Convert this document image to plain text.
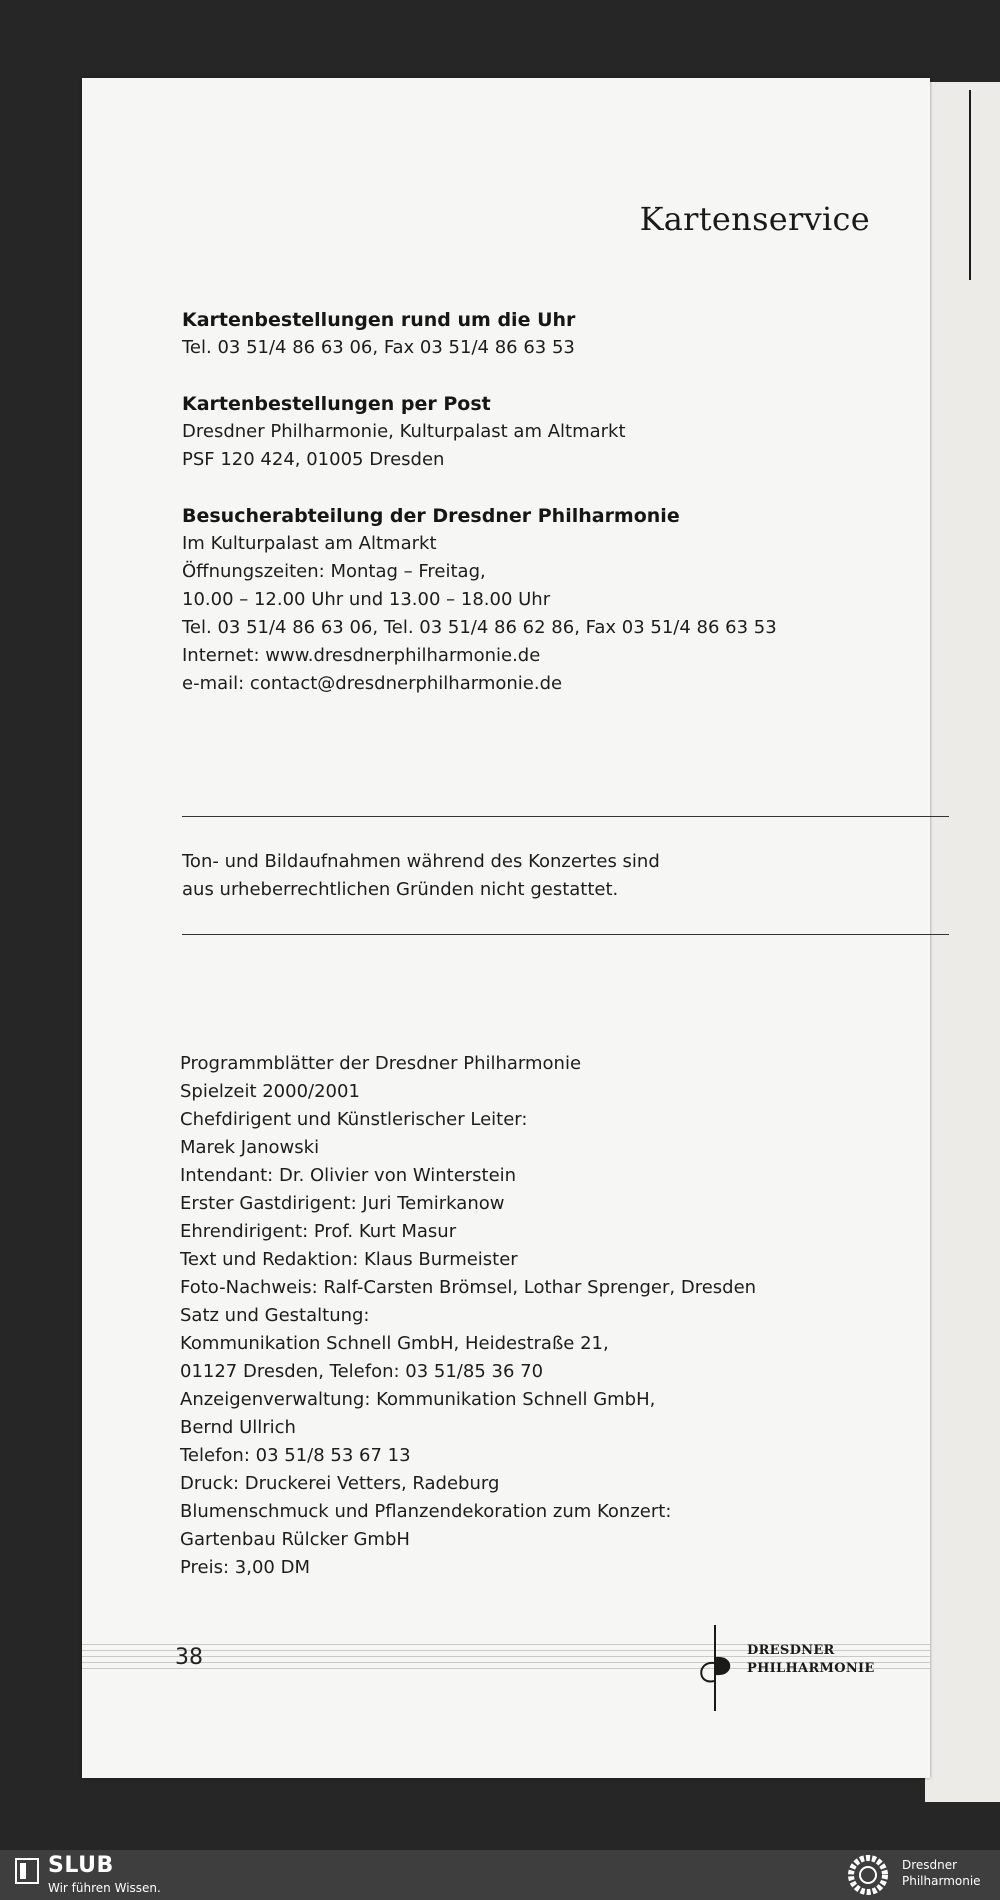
Kartenservice
Kartenbestellungen rund um die Uhr
Tel. 03 51/4 86 63 06, Fax 03 51/4 86 63 53
Kartenbestellungen per Post
Dresdner Philharmonie, Kulturpalast am Altmarkt
PSF 120 424, 01005 Dresden
Besucherabteilung der Dresdner Philharmonie
Im Kulturpalast am Altmarkt
Öffnungszeiten: Montag – Freitag,
10.00 – 12.00 Uhr und 13.00 – 18.00 Uhr
Tel. 03 51/4 86 63 06, Tel. 03 51/4 86 62 86, Fax 03 51/4 86 63 53
Internet: www.dresdnerphilharmonie.de
e-mail: contact@dresdnerphilharmonie.de
Ton- und Bildaufnahmen während des Konzertes sind
aus urheberrechtlichen Gründen nicht gestattet.
Programmblätter der Dresdner Philharmonie
Spielzeit 2000/2001
Chefdirigent und Künstlerischer Leiter:
Marek Janowski
Intendant: Dr. Olivier von Winterstein
Erster Gastdirigent: Juri Temirkanow
Ehrendirigent: Prof. Kurt Masur
Text und Redaktion: Klaus Burmeister
Foto-Nachweis: Ralf-Carsten Brömsel, Lothar Sprenger, Dresden
Satz und Gestaltung:
Kommunikation Schnell GmbH, Heidestraße 21,
01127 Dresden, Telefon: 03 51/85 36 70
Anzeigenverwaltung: Kommunikation Schnell GmbH,
Bernd Ullrich
Telefon: 03 51/8 53 67 13
Druck: Druckerei Vetters, Radeburg
Blumenschmuck und Pflanzendekoration zum Konzert:
Gartenbau Rülcker GmbH
Preis: 3,00 DM
38	DRESDNER
PHILHARMONIE
SLUB
Wir führen Wissen.
Dresdner
Philharmonie
